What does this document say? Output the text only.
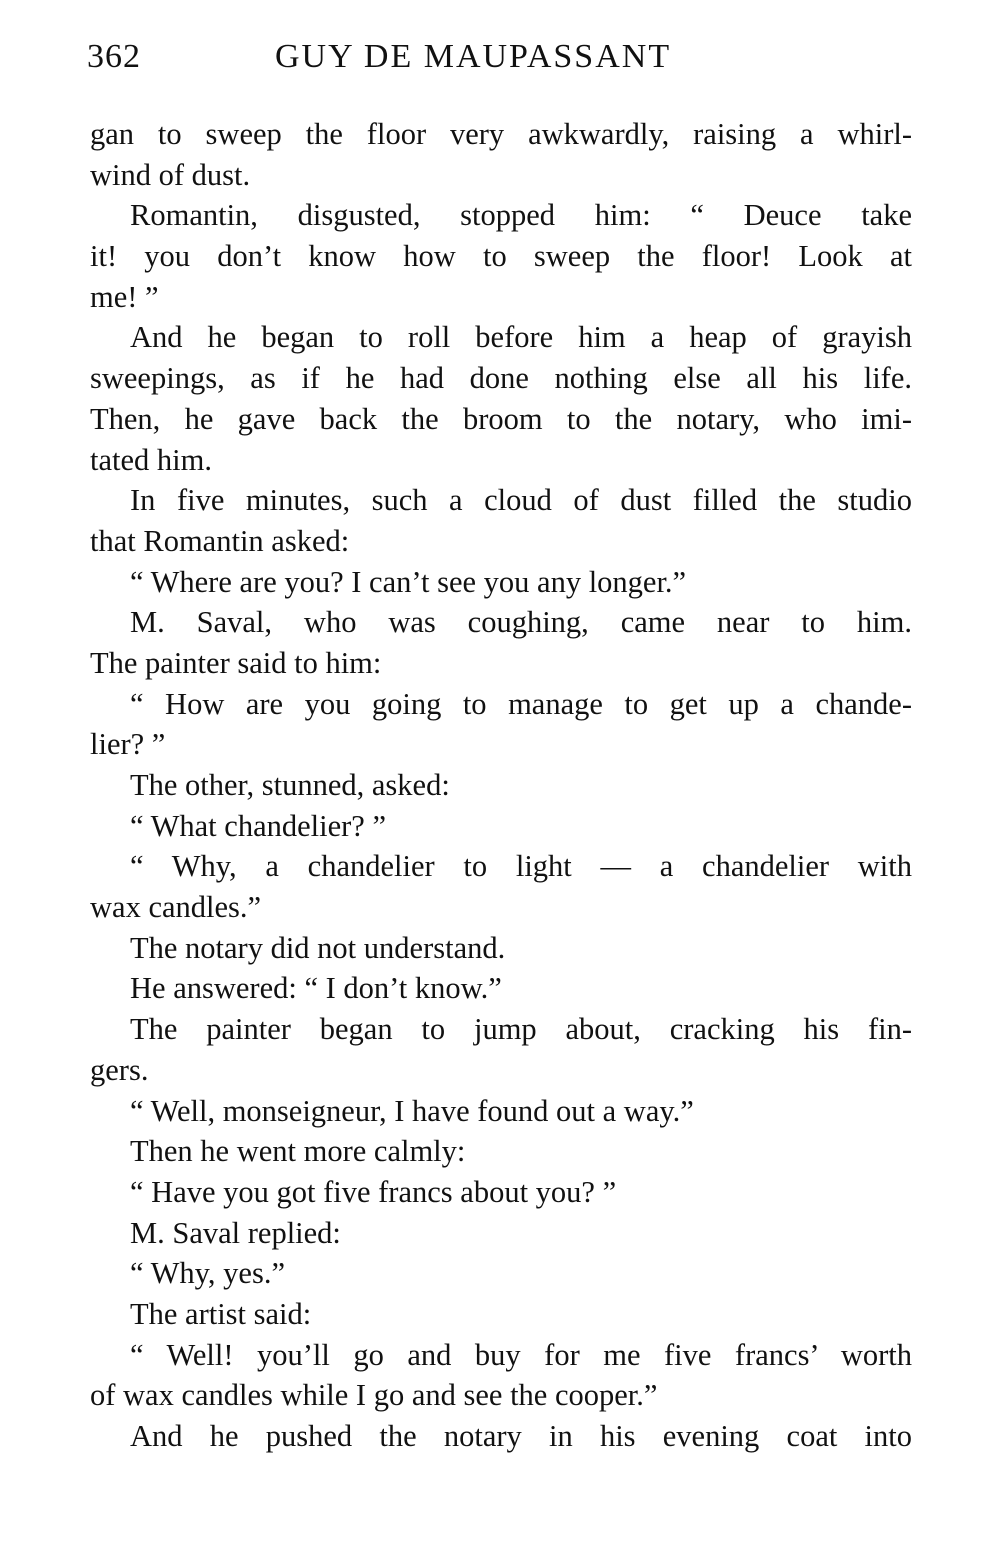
362	GUY DE MAUPASSANT
gan to sweep the floor very awkwardly, raising a whirl-
wind of dust.
Romantin, disgusted, stopped him: “ Deuce take
it! you don’t know how to sweep the floor! Look at
me! ”
And he began to roll before him a heap of grayish
sweepings, as if he had done nothing else all his life.
Then, he gave back the broom to the notary, who imi-
tated him.
In five minutes, such a cloud of dust filled the studio
that Romantin asked:
“ Where are you? I can’t see you any longer.”
M. Saval, who was coughing, came near to him.
The painter said to him:
“ How are you going to manage to get up a chande-
lier? ”
The other, stunned, asked:
“ What chandelier? ”
“ Why, a chandelier to light — a chandelier with
wax candles.”
The notary did not understand.
He answered: “ I don’t know.”
The painter began to jump about, cracking his fin-
gers.
“ Well, monseigneur, I have found out a way.”
Then he went more calmly:
“ Have you got five francs about you? ”
M. Saval replied:
“ Why, yes.”
The artist said:
“ Well! you’ll go and buy for me five francs’ worth
of wax candles while I go and see the cooper.”
And he pushed the notary in his evening coat into
